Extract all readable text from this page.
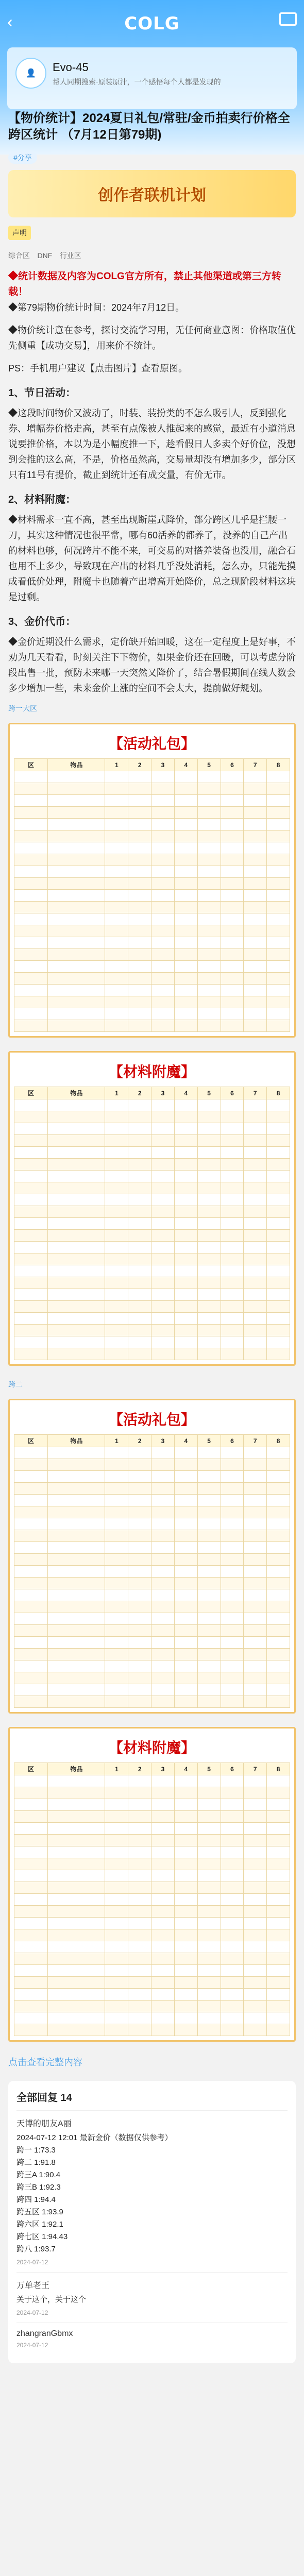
‹	COLG
👤	Evo-45
帮人同期搜索·原装原汁，一个感悟每个人都是发现的
【物价统计】2024夏日礼包/常驻/金币拍卖行价格全跨区统计 （7月12日第79期)
#分享
创作者联机计划
声明
综合区 DNF 行业区
◆统计数据及内容为COLG官方所有，禁止其他渠道或第三方转载！

◆第79期物价统计时间：2024年7月12日。

◆物价统计意在参考，探讨交流学习用，无任何商业意图：价格取值优先侧重【成功交易】，用来价不统计。

PS：手机用户建议【点击图片】查看原图。

1、节日活动：

◆这段时间物价又波动了，时装、装扮类的不怎么吸引人，反到强化券、增幅券价格走高，甚至有点像被人推起来的感觉，最近有小道消息说要推价格，本以为是小幅度推一下，趁看假日人多卖个好价位，没想到会推的这么高，不是，价格虽然高，交易量却没有增加多少，部分区只有11号有提价，截止到统计还有成交量，有价无市。

2、材料附魔：

◆材料需求一直不高，甚至出现断崖式降价，部分跨区几乎是拦腰一刀，其实这种情况也很平常，哪有60活养的都养了，没养的自己产出的材料也够，何况跨片不能不来，可交易的对搭养装备也没用，融合石也用不上多少，导致现在产出的材料几乎没处消耗，怎么办，只能先摸成看低价处理，附魔卡也随着产出增高开始降价，总之现阶段材料这块是过剩。

3、金价代币：

◆金价近期没什么需求，定价缺开始回暖，这在一定程度上是好事，不劝为几天看看，时刻关注下下物价，如果金价还在回暖，可以考虑分阶段出售一批，预防未来哪一天突然又降价了，结合暑假期间在线人数会多少增加一些，未来金价上涨的空间不会太大，提前做好规划。

跨一大区
【活动礼包】
区	物品	1	2	3	4	5	6	7	8

【材料附魔】
区	物品	1	2	3	4	5	6	7	8

跨二
【活动礼包】
区	物品	1	2	3	4	5	6	7	8

【材料附魔】
区	物品	1	2	3	4	5	6	7	8

点击查看完整内容
全部回复 14
天博的朋友A丽
2024-07-12 12:01 最新金价（数据仅供参考）
跨一 1:73.3
跨二 1:91.8
跨三A 1:90.4
跨三B 1:92.3
跨四 1:94.4
跨五区 1:93.9
跨六区 1:92.1
跨七区 1:94.43
跨八 1:93.7
2024-07-12
万单老王
关于这个，关于这个
2024-07-12
zhangranGbmx
2024-07-12
